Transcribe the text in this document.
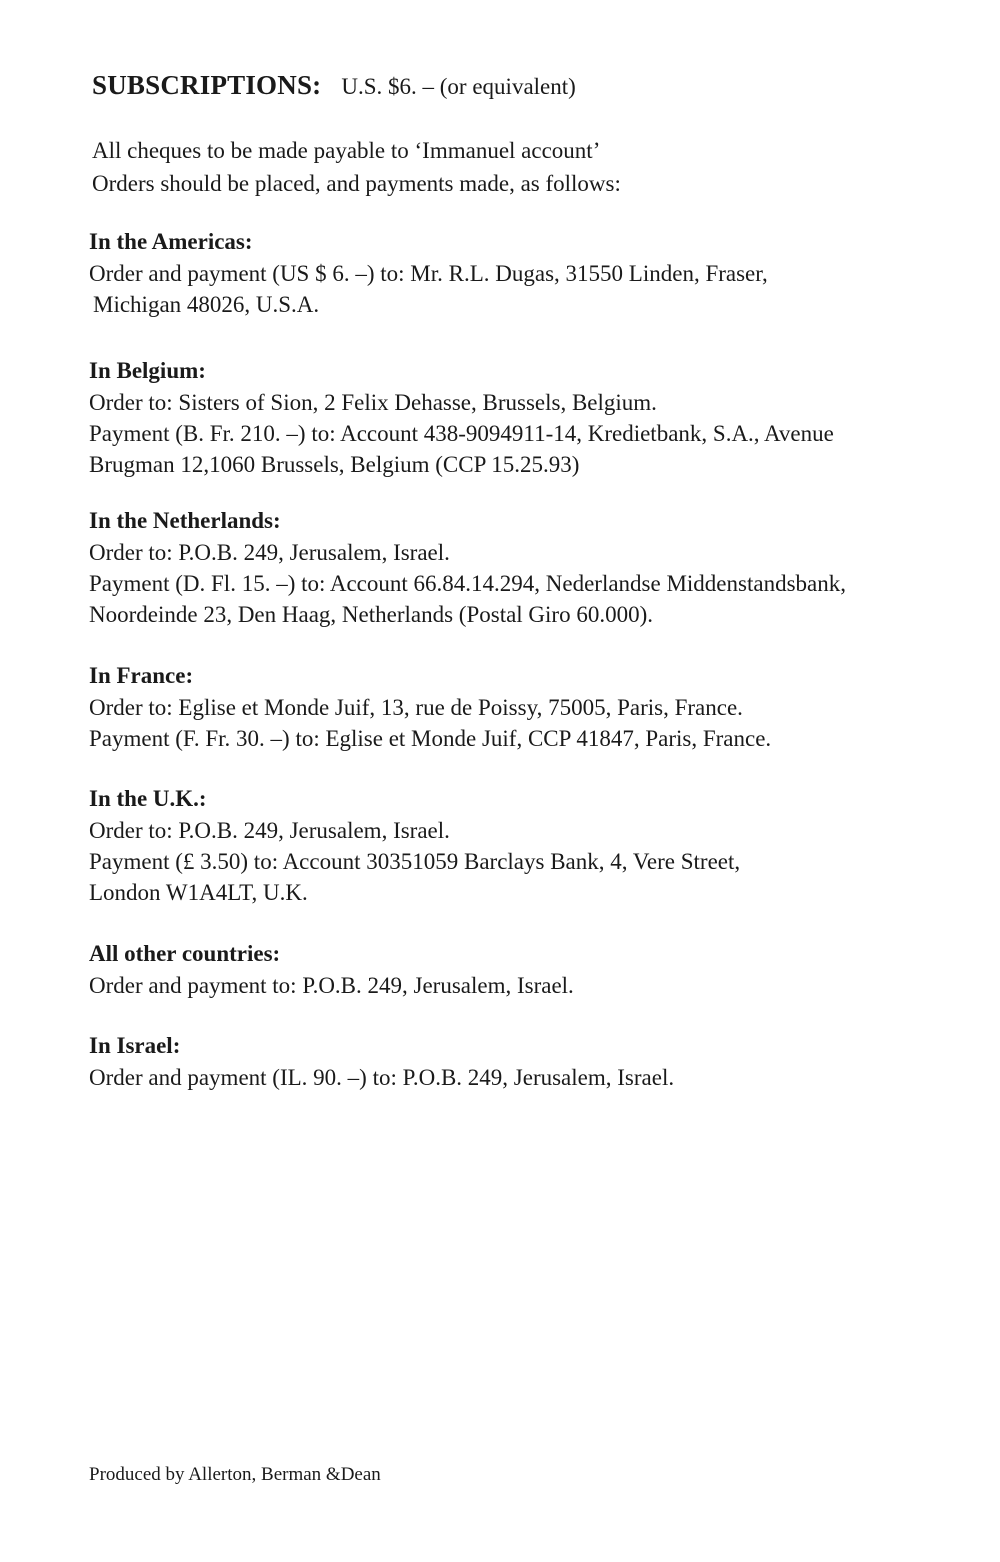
SUBSCRIPTIONS: U.S. $6. – (or equivalent)

All cheques to be made payable to ‘Immanuel account’

Orders should be placed, and payments made, as follows:

In the Americas:

Order and payment (US $ 6. –) to: Mr. R.L. Dugas, 31550 Linden, Fraser,

Michigan 48026, U.S.A.

In Belgium:

Order to: Sisters of Sion, 2 Felix Dehasse, Brussels, Belgium.

Payment (B. Fr. 210. –) to: Account 438-9094911-14, Kredietbank, S.A., Avenue

Brugman 12,1060 Brussels, Belgium (CCP 15.25.93)

In the Netherlands:

Order to: P.O.B. 249, Jerusalem, Israel.

Payment (D. Fl. 15. –) to: Account 66.84.14.294, Nederlandse Middenstandsbank,

Noordeinde 23, Den Haag, Netherlands (Postal Giro 60.000).

In France:

Order to: Eglise et Monde Juif, 13, rue de Poissy, 75005, Paris, France.

Payment (F. Fr. 30. –) to: Eglise et Monde Juif, CCP 41847, Paris, France.

In the U.K.:

Order to: P.O.B. 249, Jerusalem, Israel.

Payment (£ 3.50) to: Account 30351059 Barclays Bank, 4, Vere Street,

London W1A4LT, U.K.

All other countries:

Order and payment to: P.O.B. 249, Jerusalem, Israel.

In Israel:

Order and payment (IL. 90. –) to: P.O.B. 249, Jerusalem, Israel.

Produced by Allerton, Berman &Dean
